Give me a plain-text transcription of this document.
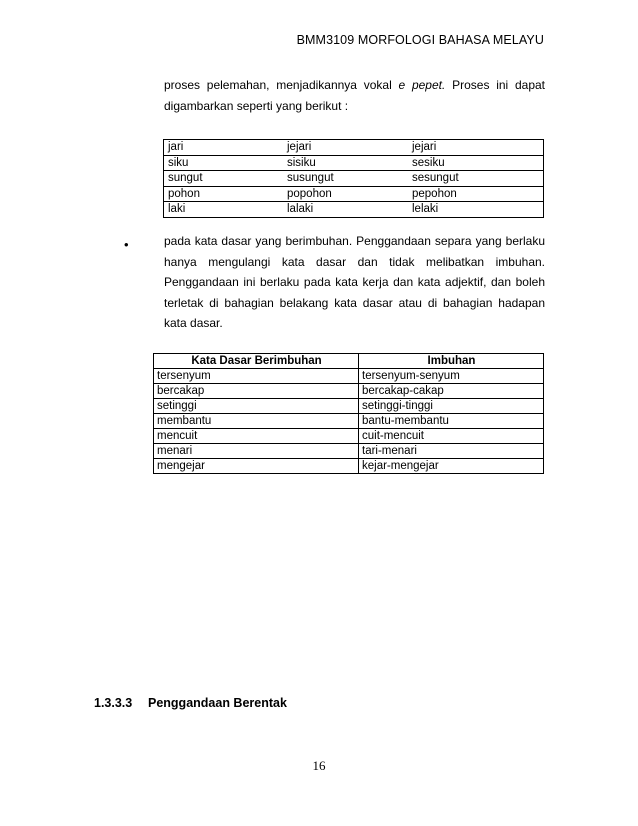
BMM3109 MORFOLOGI BAHASA MELAYU
proses pelemahan, menjadikannya vokal e pepet. Proses ini dapat digambarkan seperti yang berikut :
jari	jejari	jejari
siku	sisiku	sesiku
sungut	susungut	sesungut
pohon	popohon	pepohon
laki	lalaki	lelaki
•	pada kata dasar yang berimbuhan. Penggandaan separa yang berlaku hanya mengulangi kata dasar dan tidak melibatkan imbuhan. Penggandaan ini berlaku pada kata kerja dan kata adjektif, dan boleh terletak di bahagian belakang kata dasar atau di bahagian hadapan kata dasar.
Kata Dasar Berimbuhan	Imbuhan
tersenyum	tersenyum-senyum
bercakap	bercakap-cakap
setinggi	setinggi-tinggi
membantu	bantu-membantu
mencuit	cuit-mencuit
menari	tari-menari
mengejar	kejar-mengejar
1.3.3.3 Penggandaan Berentak
16
